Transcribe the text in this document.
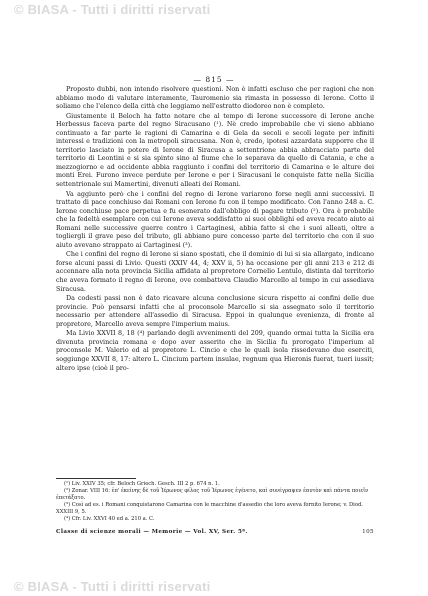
© BIASA - Tutti i diritti riservati
— 815 —

Proposto dubbi, non intendo risolvere questioni. Non è infatti escluso che per ragioni che non abbiamo modo di valutare interamente, Tauromenio sia rimasta in possesso di Ierone. Cotto il soliamo che l'elenco della città che leggiamo nell'estratto diodoreo non è completo.

Giustamente il Beloch ha fatto notare che al tempo di Ierone successore di Ierone anche Herbessus faceva parte del regno Siracusano (¹). Nè credo improbabile che vi sieno abbiano continuato a far parte le ragioni di Camarina e di Gela da secoli e secoli legate per infiniti interessi e tradizioni con la metropoli siracusana. Non è, credo, ipotesi azzardata supporre che il territorio lasciato in potere di Ierone di Siracusa a settentrione abbia abbracciato parte del territorio di Leontini e si sia spinto sino al fiume che lo separava da quello di Catania, e che a mezzogiorno e ad occidente abbia raggiunto i confini del territorio di Camarina e le alture dei monti Erei. Furono invece perdute per Ierone e per i Siracusani le conquiste fatte nella Sicilia settentrionale sui Mamertini, divenuti alleati dei Romani.

Va aggiunto però che i confini del regno di Ierone variarono forse negli anni successivi. Il trattato di pace conchiuso dai Romani con Ierone fu con il tempo modificato. Con l'anno 248 a. C. Ierone conchiuse pace perpetua e fu esonerato dall'obbligo di pagare tributo (²). Ora è probabile che la fedeltà esemplare con cui Ierone aveva soddisfatto ai suoi obblighi ed aveva recato aiuto ai Romani nelle successive guerre contro i Cartaginesi, abbia fatto sì che i suoi alleati, oltre a togliergli il grave peso del tributo, gli abbiano pure concesso parte del territorio che con il suo aiuto avevano strappato ai Cartaginesi (³).

Che i confini del regno di Ierone si siano spostati, che il dominio di lui si sia allargato, indicano forse alcuni passi di Livio. Questi (XXIV 44, 4; XXV ii, 5) ha occasione per gli anni 213 e 212 di accennare alla nota provincia Sicilia affidata al propretore Cornelio Lentulo, distinta dal territorio che aveva formato il regno di Ierone, ove combatteva Claudio Marcello al tempo in cui assediava Siracusa.

Da codesti passi non è dato ricavare alcuna conclusione sicura rispetto ai confini delle due provincie. Può pensarsi infatti che al proconsole Marcello si sia assegnato solo il territorio necessario per attendere all'assedio di Siracusa. Eppoi in qualunque evenienza, di fronte al propretore, Marcello aveva sempre l'imperium maius.

Ma Livio XXVII 8, 18 (⁴) parlando degli avvenimenti del 209, quando ormai tutta la Sicilia era divenuta provincia romana e dopo aver asserito che in Sicilia fu prorogato l'imperium al proconsole M. Valerio ed al propretore L. Cincio e che le quali isola rissedevano due eserciti, soggiunge XXVII 8, 17: altero L. Cincium partem insulae, regnum qua Hieronis fuerat, tueri iussit; altero ipse (cioè il pro-

(¹) Liv. XXIV 35; cfr. Beloch Griech. Gesch. III 2 p. 674 n. 1.

(²) Zonar. VIII 16: ἐπ' ἐκείνης δὲ τοῦ Ἱέρωνος φίλος τοῦ Ἱέρωνος ἐγένετο, καὶ συνέγραψεν ἑαυτὸν καὶ πάντα ποιεῖν ἐπετάξατο.

(³) Così ad es. i Romani conquistarono Camarina con le macchine d'assedio che loro aveva fornito Ierone; v. Diod. XXXIII 9, 5.

(⁴) Cfr. Liv. XXVI 40 ed a. 210 a. C.

Classe di scienze morali — Memorie — Vol. XV, Ser. 5ª.	105
© BIASA - Tutti i diritti riservati
